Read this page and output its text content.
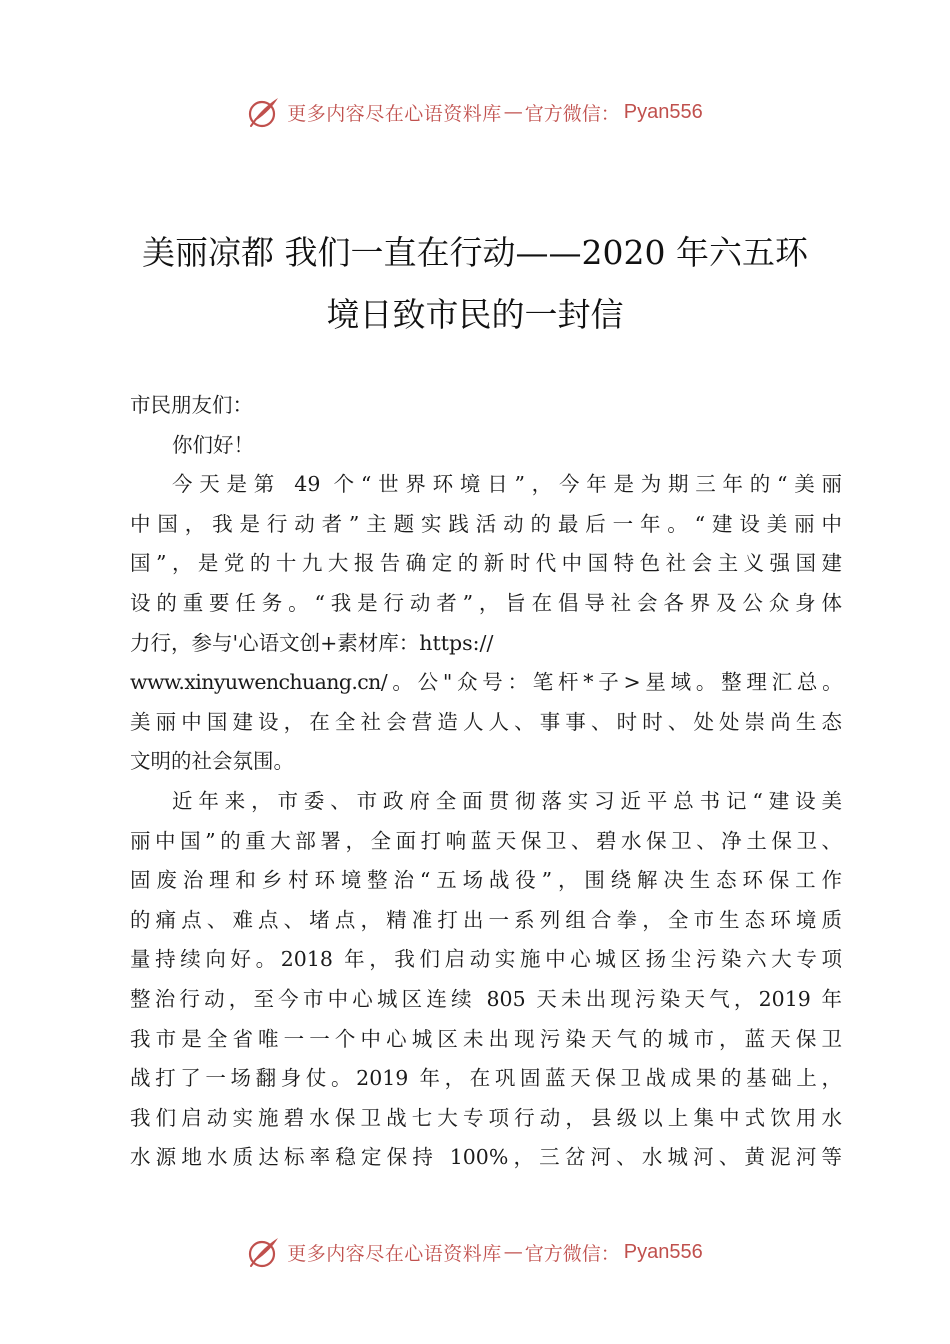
更多内容尽在心语资料库 — 官方微信： Pyan556
美丽凉都 我们一直在行动——2020 年六五环
境日致市民的一封信
市民朋友们：
你们好！
今天是第 49 个“世界环境日”，今年是为期三年的“美丽
中国，我是行动者”主题实践活动的最后一年。“建设美丽中
国”，是党的十九大报告确定的新时代中国特色社会主义强国建
设的重要任务。“我是行动者”，旨在倡导社会各界及公众身体
力行，参与'心语文创+素材库：https://
www.xinyuwenchuang.cn/。公"众号：笔杆*子>星域。整理汇总。
美丽中国建设，在全社会营造人人、事事、时时、处处崇尚生态
文明的社会氛围。
近年来，市委、市政府全面贯彻落实习近平总书记“建设美
丽中国”的重大部署，全面打响蓝天保卫、碧水保卫、净土保卫、
固废治理和乡村环境整治“五场战役”，围绕解决生态环保工作
的痛点、难点、堵点，精准打出一系列组合拳，全市生态环境质
量持续向好。2018 年，我们启动实施中心城区扬尘污染六大专项
整治行动，至今市中心城区连续 805 天未出现污染天气，2019 年
我市是全省唯一一个中心城区未出现污染天气的城市，蓝天保卫
战打了一场翻身仗。2019 年，在巩固蓝天保卫战成果的基础上，
我们启动实施碧水保卫战七大专项行动，县级以上集中式饮用水
水源地水质达标率稳定保持 100%，三岔河、水城河、黄泥河等
更多内容尽在心语资料库 — 官方微信： Pyan556
